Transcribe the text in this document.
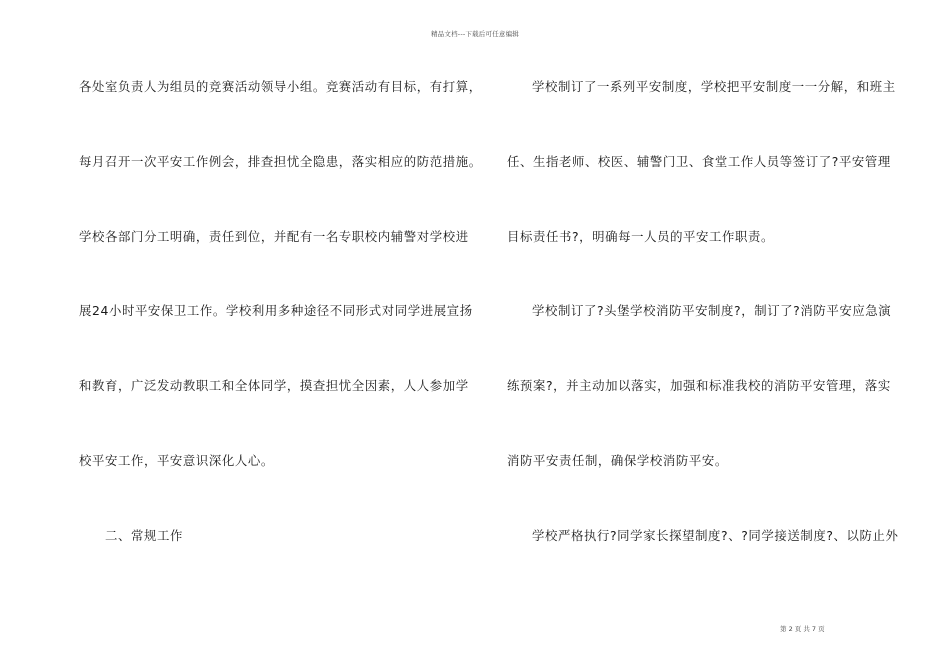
精品文档---下载后可任意编辑
各处室负责人为组员的竞赛活动领导小组。竞赛活动有目标，有打算，
每月召开一次平安工作例会，排查担忧全隐患，落实相应的防范措施。
学校各部门分工明确，责任到位，并配有一名专职校内辅警对学校进
展24小时平安保卫工作。学校利用多种途径不同形式对同学进展宣扬
和教育，广泛发动教职工和全体同学，摸查担忧全因素，人人参加学
校平安工作，平安意识深化人心。
二、常规工作
学校制订了一系列平安制度，学校把平安制度一一分解，和班主
任、生指老师、校医、辅警门卫、食堂工作人员等签订了?平安管理
目标责任书?，明确每一人员的平安工作职责。
学校制订了?头堡学校消防平安制度?，制订了?消防平安应急演
练预案?，并主动加以落实，加强和标准我校的消防平安管理，落实
消防平安责任制，确保学校消防平安。
学校严格执行?同学家长探望制度?、?同学接送制度?、以防止外
第 2 页 共 7 页
